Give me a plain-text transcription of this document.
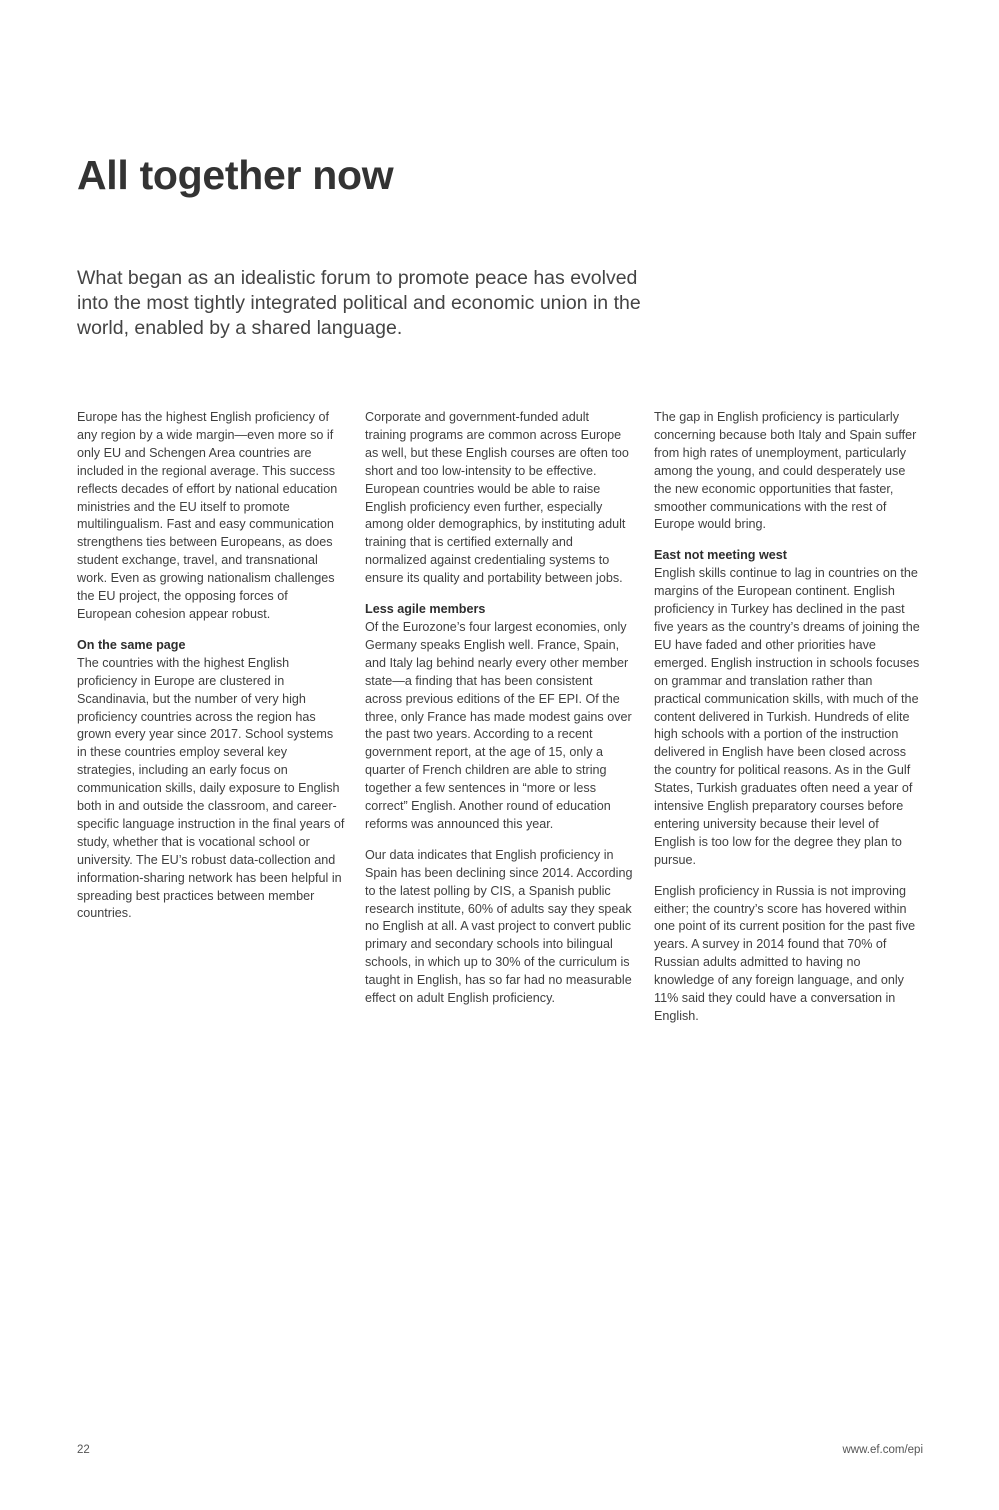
All together now
What began as an idealistic forum to promote peace has evolved into the most tightly integrated political and economic union in the world, enabled by a shared language.

Europe has the highest English proficiency of any region by a wide margin—even more so if only EU and Schengen Area countries are included in the regional average. This success reflects decades of effort by national education ministries and the EU itself to promote multilingualism. Fast and easy communication strengthens ties between Europeans, as does student exchange, travel, and transnational work. Even as growing nationalism challenges the EU project, the opposing forces of European cohesion appear robust.

On the same page

The countries with the highest English proficiency in Europe are clustered in Scandinavia, but the number of very high proficiency countries across the region has grown every year since 2017. School systems in these countries employ several key strategies, including an early focus on communication skills, daily exposure to English both in and outside the classroom, and career-specific language instruction in the final years of study, whether that is vocational school or university. The EU’s robust data-collection and information-sharing network has been helpful in spreading best practices between member countries.

Corporate and government-funded adult training programs are common across Europe as well, but these English courses are often too short and too low-intensity to be effective. European countries would be able to raise English proficiency even further, especially among older demographics, by instituting adult training that is certified externally and normalized against credentialing systems to ensure its quality and portability between jobs.

Less agile members

Of the Eurozone’s four largest economies, only Germany speaks English well. France, Spain, and Italy lag behind nearly every other member state—a finding that has been consistent across previous editions of the EF EPI. Of the three, only France has made modest gains over the past two years. According to a recent government report, at the age of 15, only a quarter of French children are able to string together a few sentences in “more or less correct” English. Another round of education reforms was announced this year.

Our data indicates that English proficiency in Spain has been declining since 2014. According to the latest polling by CIS, a Spanish public research institute, 60% of adults say they speak no English at all. A vast project to convert public primary and secondary schools into bilingual schools, in which up to 30% of the curriculum is taught in English, has so far had no measurable effect on adult English proficiency.

The gap in English proficiency is particularly concerning because both Italy and Spain suffer from high rates of unemployment, particularly among the young, and could desperately use the new economic opportunities that faster, smoother communications with the rest of Europe would bring.

East not meeting west

English skills continue to lag in countries on the margins of the European continent. English proficiency in Turkey has declined in the past five years as the country’s dreams of joining the EU have faded and other priorities have emerged. English instruction in schools focuses on grammar and translation rather than practical communication skills, with much of the content delivered in Turkish. Hundreds of elite high schools with a portion of the instruction delivered in English have been closed across the country for political reasons. As in the Gulf States, Turkish graduates often need a year of intensive English preparatory courses before entering university because their level of English is too low for the degree they plan to pursue.

English proficiency in Russia is not improving either; the country’s score has hovered within one point of its current position for the past five years. A survey in 2014 found that 70% of Russian adults admitted to having no knowledge of any foreign language, and only 11% said they could have a conversation in English.

22	www.ef.com/epi
